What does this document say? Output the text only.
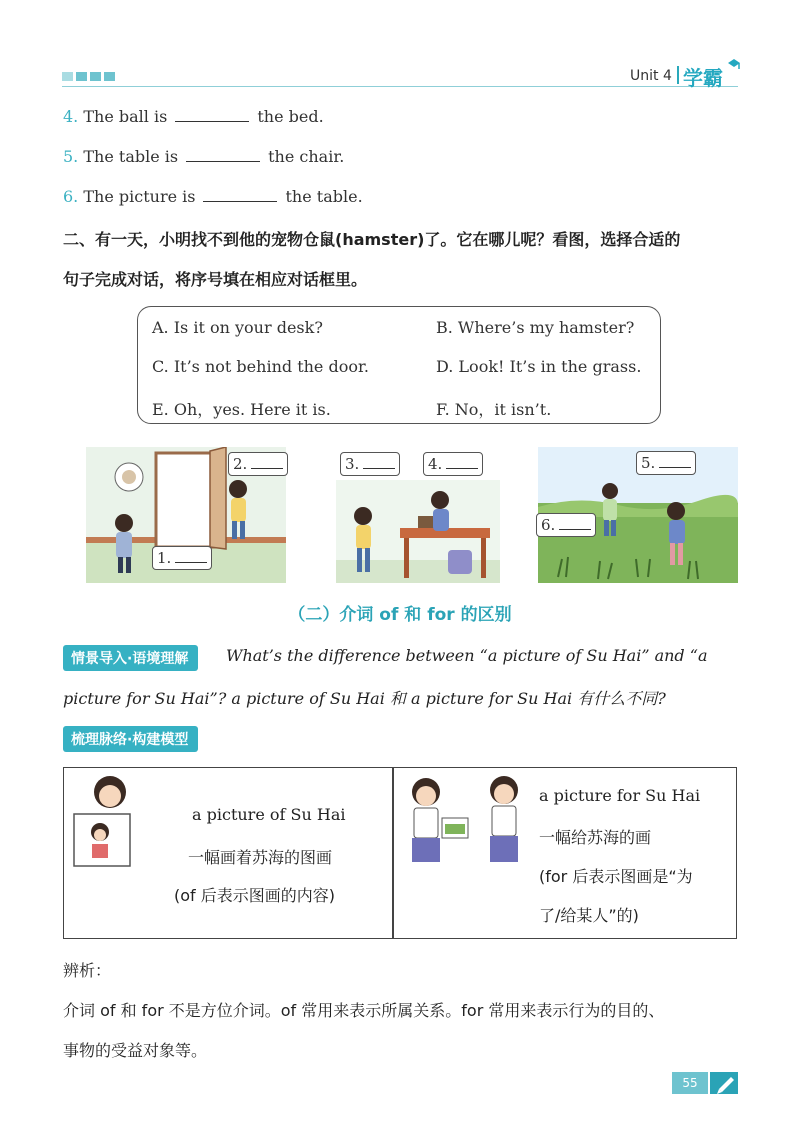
Unit 4 学霸
4. The ball is	the bed.
5. The table is	the chair.
6. The picture is	the table.
二、有一天，小明找不到他的宠物仓鼠(hamster)了。它在哪儿呢？看图，选择合适的
句子完成对话，将序号填在相应对话框里。
A. Is it on your desk?	B. Where’s my hamster?
C. It’s not behind the door.	D. Look! It’s in the grass.
E. Oh，yes. Here it is.	F. No，it isn’t.
2.
1.
3.	4.	5.
6.
（二）介词 of 和 for 的区别
情景导入·语境理解	What’s the difference between “a picture of Su Hai” and “a
picture for Su Hai”? a picture of Su Hai 和 a picture for Su Hai 有什么不同?
梳理脉络·构建模型
a picture of Su Hai
一幅画着苏海的图画
(of 后表示图画的内容)
a picture for Su Hai
一幅给苏海的画
(for 后表示图画是“为
了/给某人”的)
辨析：
介词 of 和 for 不是方位介词。of 常用来表示所属关系。for 常用来表示行为的目的、
事物的受益对象等。
55
